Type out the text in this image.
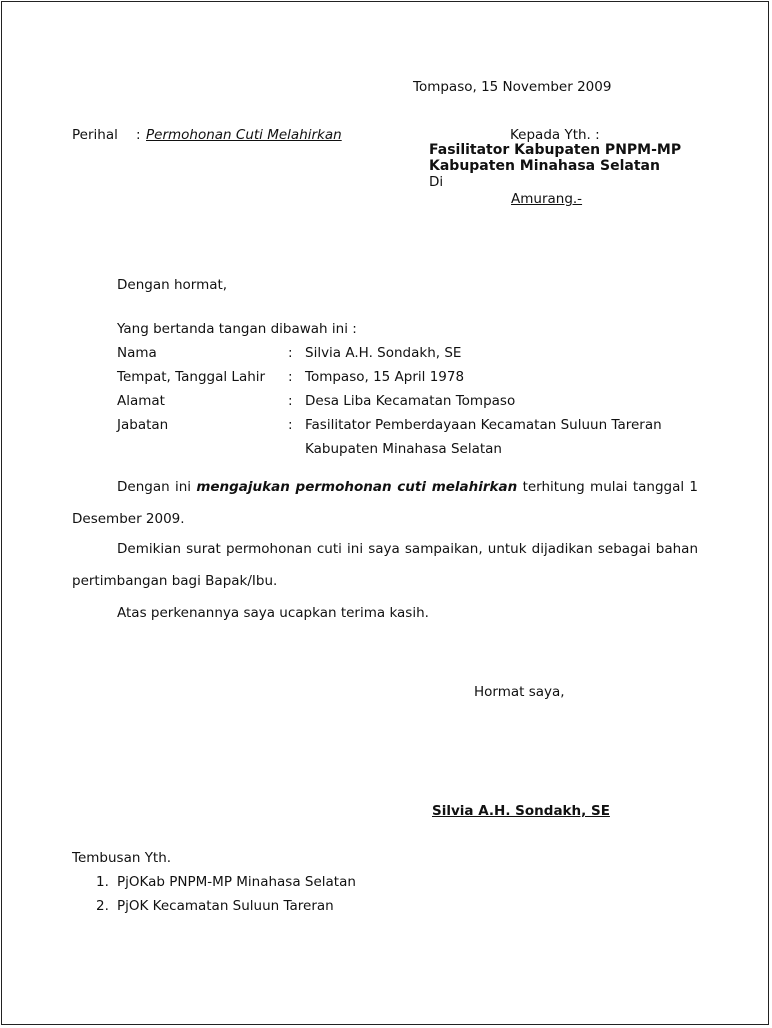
Tompaso, 15 November 2009
Perihal : Permohonan Cuti Melahirkan	Kepada Yth. :
Fasilitator Kabupaten PNPM-MP
Kabupaten Minahasa Selatan
Di
Amurang.-
Dengan hormat,
Yang bertanda tangan dibawah ini :
Nama	: Silvia A.H. Sondakh, SE
Tempat, Tanggal Lahir : Tompaso, 15 April 1978
Alamat	: Desa Liba Kecamatan Tompaso
Jabatan	: Fasilitator Pemberdayaan Kecamatan Suluun Tareran
Kabupaten Minahasa Selatan
Dengan ini mengajukan permohonan cuti melahirkan terhitung mulai tanggal 1 Desember 2009.
Demikian surat permohonan cuti ini saya sampaikan, untuk dijadikan sebagai bahan pertimbangan bagi Bapak/Ibu.
Atas perkenannya saya ucapkan terima kasih.
Hormat saya,
Silvia A.H. Sondakh, SE
Tembusan Yth.
1. PjOKab PNPM-MP Minahasa Selatan
2. PjOK Kecamatan Suluun Tareran
